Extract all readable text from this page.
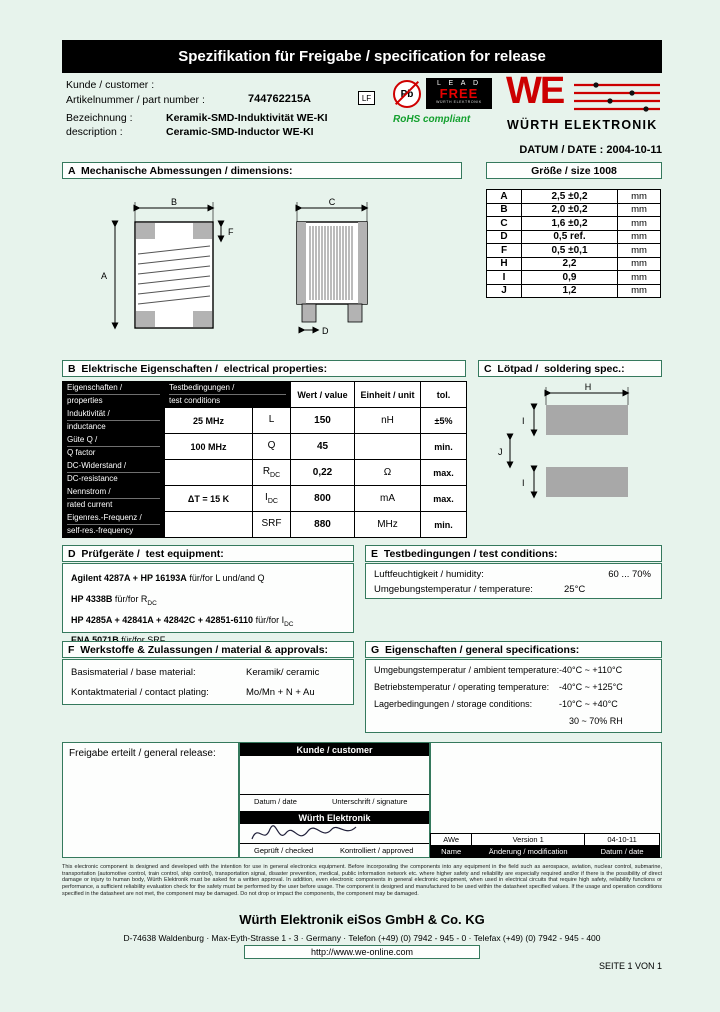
Spezifikation für Freigabe / specification for release
Kunde / customer :
Artikelnummer / part number :	744762215A	LF
Bezeichnung :	Keramik-SMD-Induktivität WE-KI
description :	Ceramic-SMD-Inductor WE-KI
Pb
L E A D
FREE
WÜRTH ELEKTRONIK
RoHS compliant
WE
WÜRTH ELEKTRONIK
DATUM / DATE : 2004-10-11
A  Mechanische Abmessungen / dimensions:	Größe / size 1008
B
F
A
C
D
A	2,5 ±0,2	mm
B	2,0 ±0,2	mm
C	1,6 ±0,2	mm
D	0,5 ref.	mm
F	0,5 ±0,1	mm
H	2,2	mm
I	0,9	mm
J	1,2	mm
B  Elektrische Eigenschaften /  electrical properties:	C  Lötpad /  soldering spec.:
Eigenschaften /
properties	Testbedingungen /
test conditions		Wert / value	Einheit / unit	tol.

Induktivität /
inductance	25 MHz	L	150	nH	±5%

Güte Q /
Q factor	100 MHz	Q	45		min.

DC-Widerstand /
DC-resistance		$R_{DC}$	0,22	Ω	max.

Nennstrom /
rated current	ΔT = 15 K	$I_{DC}$	800	mA	max.

Eigenres.-Frequenz /
self-res.-frequency		SRF	880	MHz	min.
H
I
J
I
D  Prüfgeräte /  test equipment:
Agilent 4287A + HP 16193A für/for L und/and Q
HP 4338B für/for $R_{DC}$
HP 4285A + 42841A + 42842C + 42851-6110 für/for $I_{DC}$
E  Testbedingungen / test conditions:
Luftfeuchtigkeit / humidity:	60 ... 70%
Umgebungstemperatur / temperature:	25°C
F  Werkstoffe & Zulassungen / material & approvals:
Basismaterial / base material:	Keramik/ ceramic
Kontaktmaterial / contact plating:	Mo/Mn + N + Au
G  Eigenschaften / general specifications:
Umgebungstemperatur / ambient temperature: -40°C ~ +110°C
Betriebstemperatur / operating temperature: -40°C ~ +125°C
Lagerbedingungen / storage conditions:	-10°C ~ +40°C
30 ~ 70% RH
Freigabe erteilt / general release:	Kunde / customer
Datum / date	Unterschrift / signature
Würth Elektronik
Geprüft / checked	Kontrolliert / approved
AWe	Version 1	04-10-11
Name	Änderung / modification	Datum / date
This electronic component is designed and developed with the intention for use in general electronics equipment. Before incorporating the components into any equipment in the field such as aerospace, aviation, nuclear control, submarine, transportation (automotive control, train control, ship control), transportation signal, disaster prevention, medical, public information network etc. where higher safety and reliability are especially required and/or if there is the possibility of direct damage or injury to human body, Würth Elektronik must be asked for a written approval. In addition, even electronic components in general electronic equipment, when used in electrical circuits that require high safety, reliability functions or performance, a sufficient reliability evaluation check for the safety must be performed by the user before usage. The component is designed and manufactured to be used within the datasheet specified values. If the usage and operation conditions specified in the datasheet are not met, the component may be damaged. Do not drop or impact the components, the component may be damaged.
Würth Elektronik eiSos GmbH & Co. KG
D-74638 Waldenburg · Max-Eyth-Strasse 1 - 3 · Germany · Telefon (+49) (0) 7942 - 945 - 0 · Telefax (+49) (0) 7942 - 945 - 400
http://www.we-online.com
SEITE 1 VON 1
